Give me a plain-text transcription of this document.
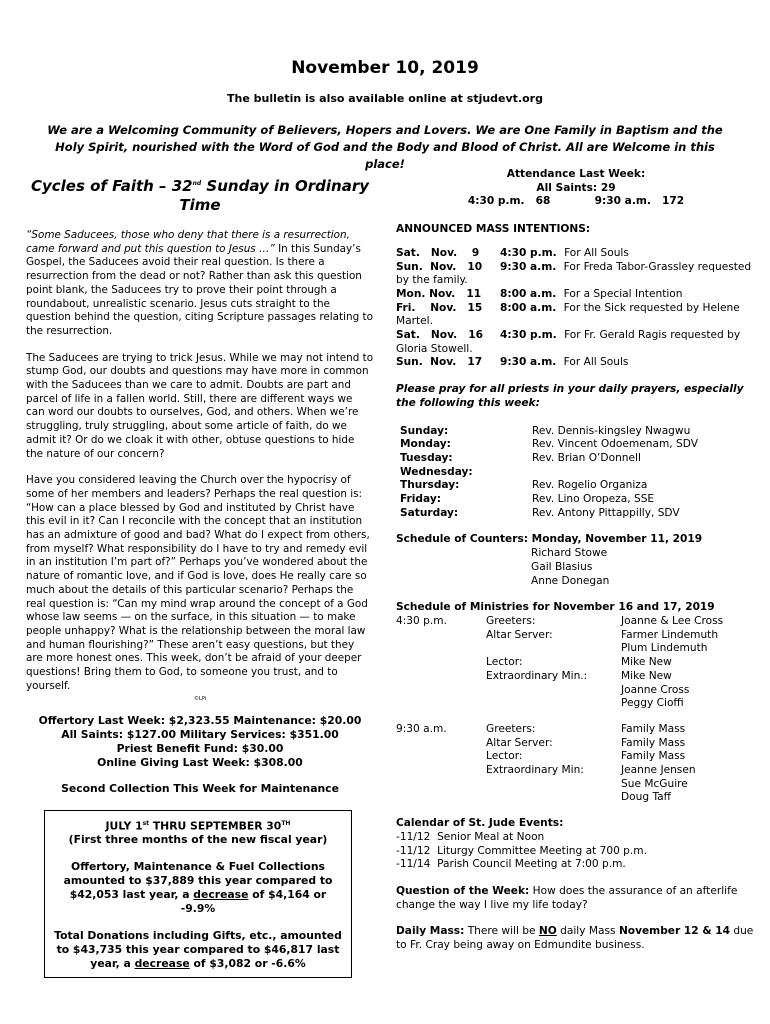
November 10, 2019
The bulletin is also available online at stjudevt.org
We are a Welcoming Community of Believers, Hopers and Lovers. We are One Family in Baptism and the Holy Spirit, nourished with the Word of God and the Body and Blood of Christ. All are Welcome in this place!
Cycles of Faith – 32nd Sunday in Ordinary Time

“Some Saducees, those who deny that there is a resurrection, came forward and put this question to Jesus …” In this Sunday’s Gospel, the Saducees avoid their real question. Is there a resurrection from the dead or not? Rather than ask this question point blank, the Saducees try to prove their point through a roundabout, unrealistic scenario. Jesus cuts straight to the question behind the question, citing Scripture passages relating to the resurrection.

The Saducees are trying to trick Jesus. While we may not intend to stump God, our doubts and questions may have more in common with the Saducees than we care to admit. Doubts are part and parcel of life in a fallen world. Still, there are different ways we can word our doubts to ourselves, God, and others. When we’re struggling, truly struggling, about some article of faith, do we admit it? Or do we cloak it with other, obtuse questions to hide the nature of our concern?

Have you considered leaving the Church over the hypocrisy of some of her members and leaders? Perhaps the real question is: “How can a place blessed by God and instituted by Christ have this evil in it? Can I reconcile with the concept that an institution has an admixture of good and bad? What do I expect from others, from myself? What responsibility do I have to try and remedy evil in an institution I’m part of?” Perhaps you’ve wondered about the nature of romantic love, and if God is love, does He really care so much about the details of this particular scenario? Perhaps the real question is: “Can my mind wrap around the concept of a God whose law seems — on the surface, in this situation — to make people unhappy? What is the relationship between the moral law and human flourishing?” These aren’t easy questions, but they are more honest ones. This week, don’t be afraid of your deeper questions! Bring them to God, to someone you trust, and to yourself.

©LPi
Offertory Last Week: $2,323.55 Maintenance: $20.00
All Saints: $127.00 Military Services: $351.00
Priest Benefit Fund: $30.00
Online Giving Last Week: $308.00
Second Collection This Week for Maintenance
JULY 1st THRU SEPTEMBER 30TH
(First three months of the new fiscal year)
Offertory, Maintenance & Fuel Collections amounted to $37,889 this year compared to $42,053 last year, a decrease of $4,164 or -9.9%
Total Donations including Gifts, etc., amounted to $43,735 this year compared to $46,817 last year, a decrease of $3,082 or -6.6%
Attendance Last Week:
All Saints: 29
4:30 p.m.   68            9:30 a.m.   172
ANNOUNCED MASS INTENTIONS:
Sat.   Nov.    9 4:30 p.m. For All Souls
Sun.  Nov.   10 9:30 a.m. For Freda Tabor-Grassley requested by the family.
Mon. Nov.   11 8:00 a.m. For a Special Intention
Fri.    Nov.   15 8:00 a.m. For the Sick requested by Helene Martel.
Sat.   Nov.   16 4:30 p.m. For Fr. Gerald Ragis requested by Gloria Stowell.
Sun.  Nov.   17 9:30 a.m. For All Souls
Please pray for all priests in your daily prayers, especially the following this week:
Sunday:	Rev. Dennis-kingsley Nwagwu
Monday:	Rev. Vincent Odoemenam, SDV
Tuesday:	Rev. Brian O’Donnell
Wednesday:	
Thursday:	Rev. Rogelio Organiza
Friday:	Rev. Lino Oropeza, SSE
Saturday:	Rev. Antony Pittappilly, SDV
Schedule of Counters: Monday, November 11, 2019
Richard Stowe
Gail Blasius
Anne Donegan
Schedule of Ministries for November 16 and 17, 2019
4:30 p.m.	Greeters:	Joanne & Lee Cross
	Altar Server:	Farmer Lindemuth
		Plum Lindemuth
	Lector:	Mike New
	Extraordinary Min.:	Mike New
		Joanne Cross
		Peggy Cioffi
9:30 a.m.	Greeters:	Family Mass
	Altar Server:	Family Mass
	Lector:	Family Mass
	Extraordinary Min:	Jeanne Jensen
		Sue McGuire
		Doug Taff
Calendar of St. Jude Events:
-11/12  Senior Meal at Noon
-11/12  Liturgy Committee Meeting at 700 p.m.
-11/14  Parish Council Meeting at 7:00 p.m.
Question of the Week: How does the assurance of an afterlife change the way I live my life today?
Daily Mass: There will be NO daily Mass November 12 & 14 due to Fr. Cray being away on Edmundite business.
